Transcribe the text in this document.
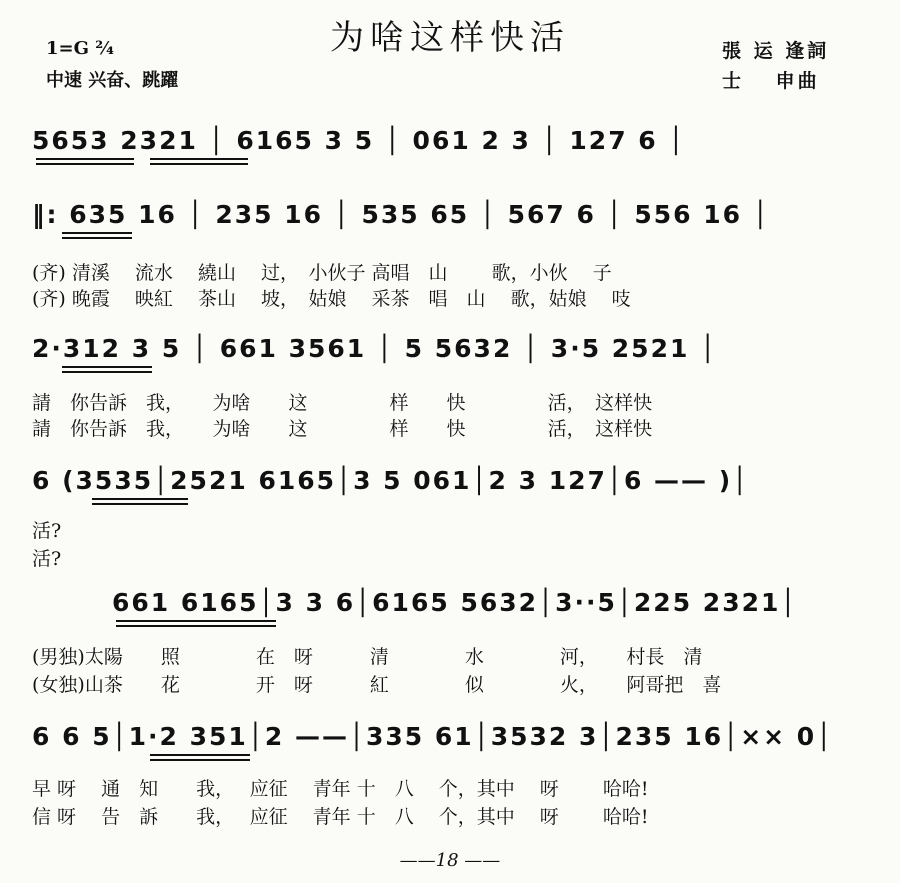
为啥这样快活
1=G ²⁄₄
中速 兴奋、跳躍
張 运 逢詞
士　 申曲
5653 2321 │ 6165 3 5 │ 061 2 3 │ 127 6 │
‖: 635 16 │ 235 16 │ 535 65 │ 567 6 │ 556 16 │
(齐) 清溪　 流水　 繞山　 过，　小伙子 高唱　山　　 歌，小伙　 子
(齐) 晚霞　 映紅　 茶山　 坡，　姑娘　 采茶　唱　山　 歌，姑娘　 吱
2·312 3 5 │ 661 3561 │ 5 5632 │ 3·5 2521 │
請　你告訴　我，　　为啥　　这　　　　 样　　快　　　　 活，　这样快
請　你告訴　我，　　为啥　　这　　　　 样　　快　　　　 活，　这样快
6 (3535│2521 6165│3 5 061│2 3 127│6 —— )│
活?
活?
661 6165│3 3 6│6165 5632│3··5│225 2321│
(男独)太陽　　照　　　　在　呀　　　清　　　　水　　　　河，　　村長　清
(女独)山茶　　花　　　　开　呀　　　紅　　　　似　　　　火，　　阿哥把　喜
6 6 5│1·2 351│2 ——│335 61│3532 3│235 16│×× 0│
早 呀　 通　知　　我，　 应征　 青年 十　八　 个，其中　 呀　　 哈哈!
信 呀　 告　訴　　我，　 应征　 青年 十　八　 个，其中　 呀　　 哈哈!
——18 ——
